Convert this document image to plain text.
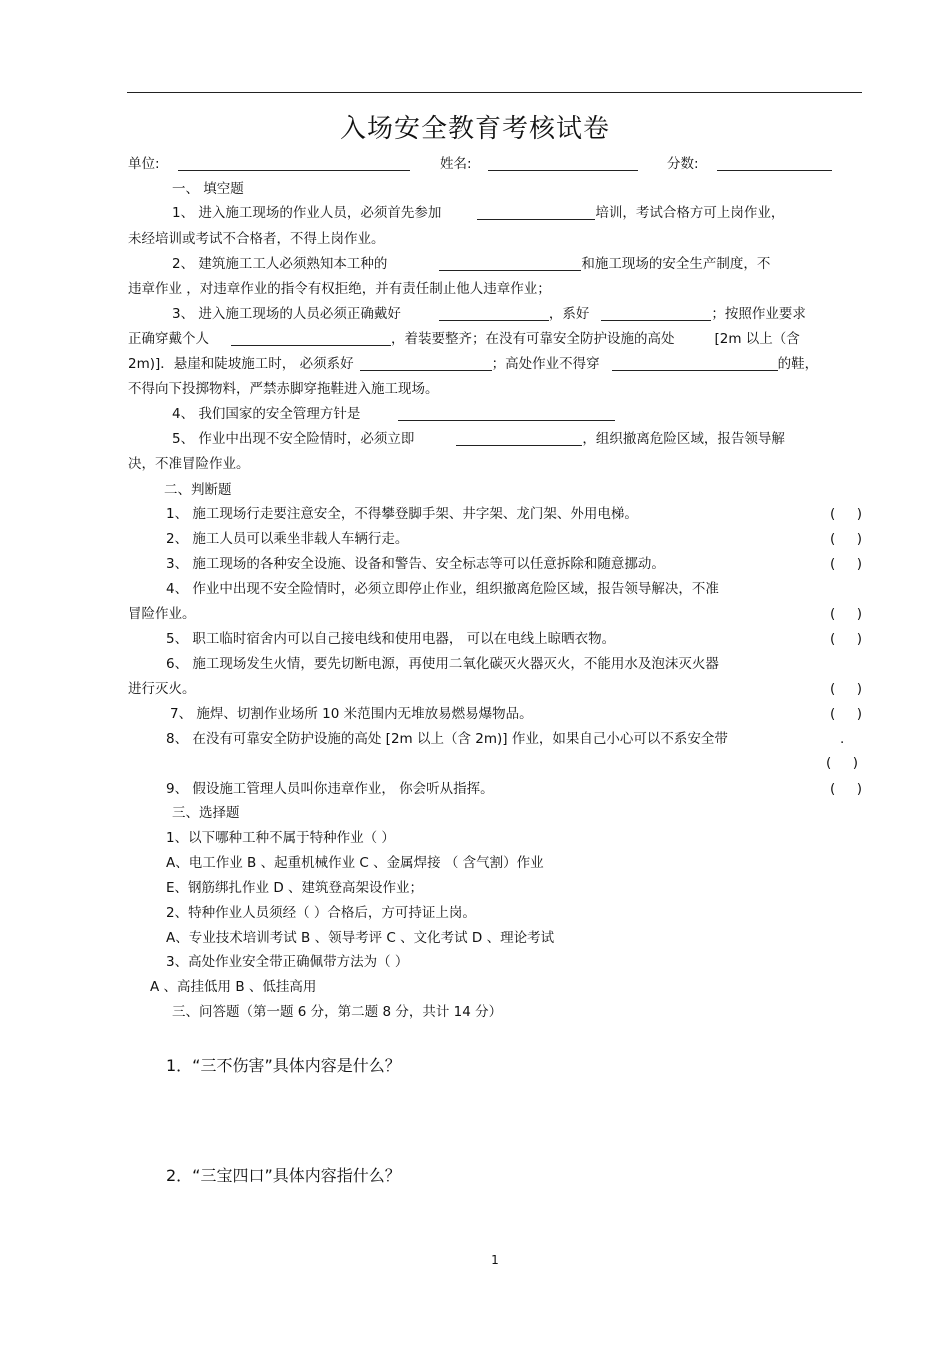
入场安全教育考核试卷
单位:	姓名:	分数:
一、 填空题
1、 进入施工现场的作业人员，必须首先参加	培训，考试合格方可上岗作业，
未经培训或考试不合格者，不得上岗作业。
2、 建筑施工工人必须熟知本工种的	和施工现场的安全生产制度，不
违章作业 ，对违章作业的指令有权拒绝，并有责任制止他人违章作业；
3、 进入施工现场的人员必须正确戴好	，系好	；按照作业要求
正确穿戴个人	，着装要整齐；在没有可靠安全防护设施的高处	[2m 以上（含
2m)]．悬崖和陡坡施工时， 必须系好	；高处作业不得穿	的鞋，
不得向下投掷物料，严禁赤脚穿拖鞋进入施工现场。
4、 我们国家的安全管理方针是
5、 作业中出现不安全险情时，必须立即	，组织撤离危险区域，报告领导解
决，不准冒险作业。
二、判断题
1、 施工现场行走要注意安全，不得攀登脚手架、井字架、龙门架、外用电梯。	(     )
2、 施工人员可以乘坐非载人车辆行走。	(     )
3、 施工现场的各种安全设施、设备和警告、安全标志等可以任意拆除和随意挪动。	(     )
4、 作业中出现不安全险情时，必须立即停止作业，组织撤离危险区域，报告领导解决，不准
冒险作业。	(     )
5、 职工临时宿舍内可以自己接电线和使用电器， 可以在电线上晾晒衣物。	(     )
6、 施工现场发生火情，要先切断电源，再使用二氧化碳灭火器灭火，不能用水及泡沫灭火器
进行灭火。	(     )
7、 施焊、切割作业场所 10 米范围内无堆放易燃易爆物品。	(     )
8、 在没有可靠安全防护设施的高处 [2m 以上（含 2m)] 作业，如果自己小心可以不系安全带	.
(     )
9、 假设施工管理人员叫你违章作业， 你会听从指挥。	(     )
三、选择题
1、以下哪种工种不属于特种作业（ ）
A、电工作业 B 、起重机械作业 C 、金属焊接 （ 含气割）作业
E、钢筋绑扎作业 D 、建筑登高架设作业；
2、特种作业人员须经（ ）合格后，方可持证上岗。
A、专业技术培训考试 B 、领导考评 C 、文化考试 D 、理论考试
3、高处作业安全带正确佩带方法为（ ）
A 、高挂低用 B 、低挂高用
三、问答题（第一题 6 分，第二题 8 分，共计 14 分）
1．“三不伤害”具体内容是什么？
2．“三宝四口”具体内容指什么？
1
